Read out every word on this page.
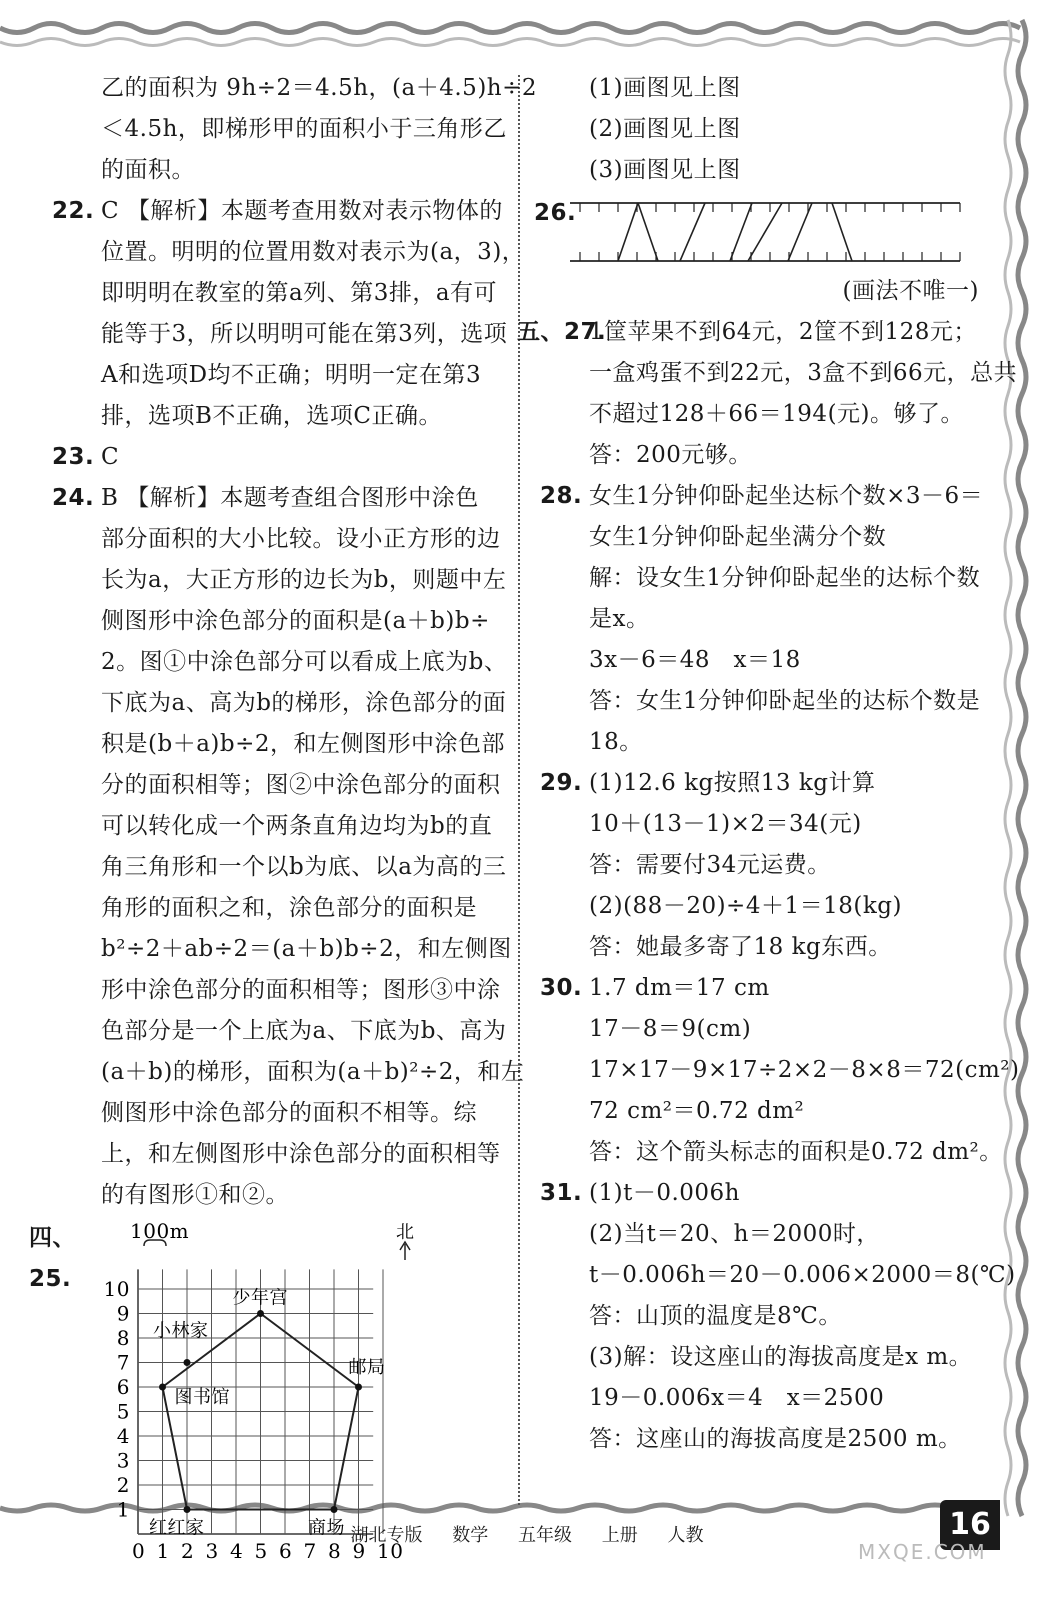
乙的面积为 9h÷2＝4.5h，(a＋4.5)h÷2
＜4.5h，即梯形甲的面积小于三角形乙
的面积。
22. C 【解析】本题考查用数对表示物体的
位置。明明的位置用数对表示为(a，3)，
即明明在教室的第a列、第3排，a有可
能等于3，所以明明可能在第3列，选项
A和选项D均不正确；明明一定在第3
排，选项B不正确，选项C正确。
23. C
24. B 【解析】本题考查组合图形中涂色
部分面积的大小比较。设小正方形的边
长为a，大正方形的边长为b，则题中左
侧图形中涂色部分的面积是(a＋b)b÷
2。图①中涂色部分可以看成上底为b、
下底为a、高为b的梯形，涂色部分的面
积是(b＋a)b÷2，和左侧图形中涂色部
分的面积相等；图②中涂色部分的面积
可以转化成一个两条直角边均为b的直
角三角形和一个以b为底、以a为高的三
角形的面积之和，涂色部分的面积是
b²÷2＋ab÷2＝(a＋b)b÷2，和左侧图
形中涂色部分的面积相等；图形③中涂
色部分是一个上底为a、下底为b、高为
(a＋b)的梯形，面积为(a＋b)²÷2，和左
侧图形中涂色部分的面积不相等。综
上，和左侧图形中涂色部分的面积相等
的有图形①和②。
四、25.
100m	北
0 1 2 3 4 5 6 7 8 9 10
1
2
3
4
5
6
7
8
9
10	少年宫
小林家
邮局
图书馆
红红家	商场
(1)画图见上图
(2)画图见上图
(3)画图见上图
26.
(画法不唯一)
五、27.1筐苹果不到64元，2筐不到128元；
一盒鸡蛋不到22元，3盒不到66元，总共
不超过128＋66＝194(元)。够了。
答：200元够。
28. 女生1分钟仰卧起坐达标个数×3－6＝
女生1分钟仰卧起坐满分个数
解：设女生1分钟仰卧起坐的达标个数
是x。
3x－6＝48　x＝18
答：女生1分钟仰卧起坐的达标个数是
18。
29. (1)12.6 kg按照13 kg计算
10＋(13－1)×2＝34(元)
答：需要付34元运费。
(2)(88－20)÷4＋1＝18(kg)
答：她最多寄了18 kg东西。
30. 1.7 dm＝17 cm
17－8＝9(cm)
17×17－9×17÷2×2－8×8＝72(cm²)
72 cm²＝0.72 dm²
答：这个箭头标志的面积是0.72 dm²。
31. (1)t－0.006h
(2)当t＝20、h＝2000时，
t－0.006h＝20－0.006×2000＝8(℃)
答：山顶的温度是8℃。
(3)解：设这座山的海拔高度是x m。
19－0.006x＝4　x＝2500
答：这座山的海拔高度是2500 m。
湖北专版 数学 五年级 上册 人教	16
MXQE.COM
